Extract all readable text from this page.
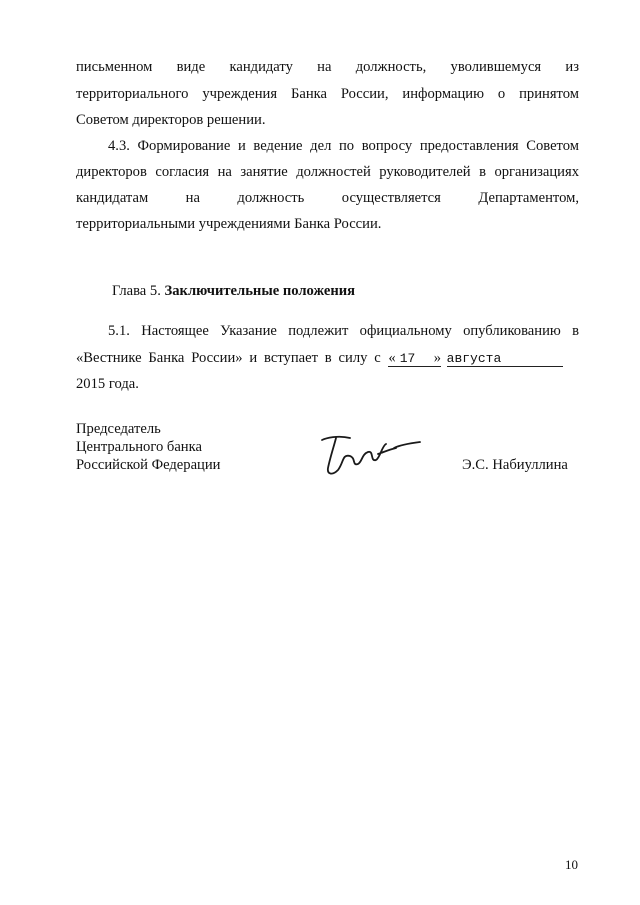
письменном виде кандидату на должность, уволившемуся из
территориального учреждения Банка России, информацию о принятом
Советом директоров решении.
4.3. Формирование и ведение дел по вопросу предоставления Советом
директоров согласия на занятие должностей руководителей в организациях
кандидатам	на	должность	осуществляется	Департаментом,
территориальными учреждениями Банка России.
Глава 5. Заключительные положения
5.1. Настоящее Указание подлежит официальному опубликованию в
«Вестнике Банка России» и вступает в силу с « 17 » августа
2015 года.
Председатель
Центрального банка
Российской Федерации	Э.С. Набиуллина
10
